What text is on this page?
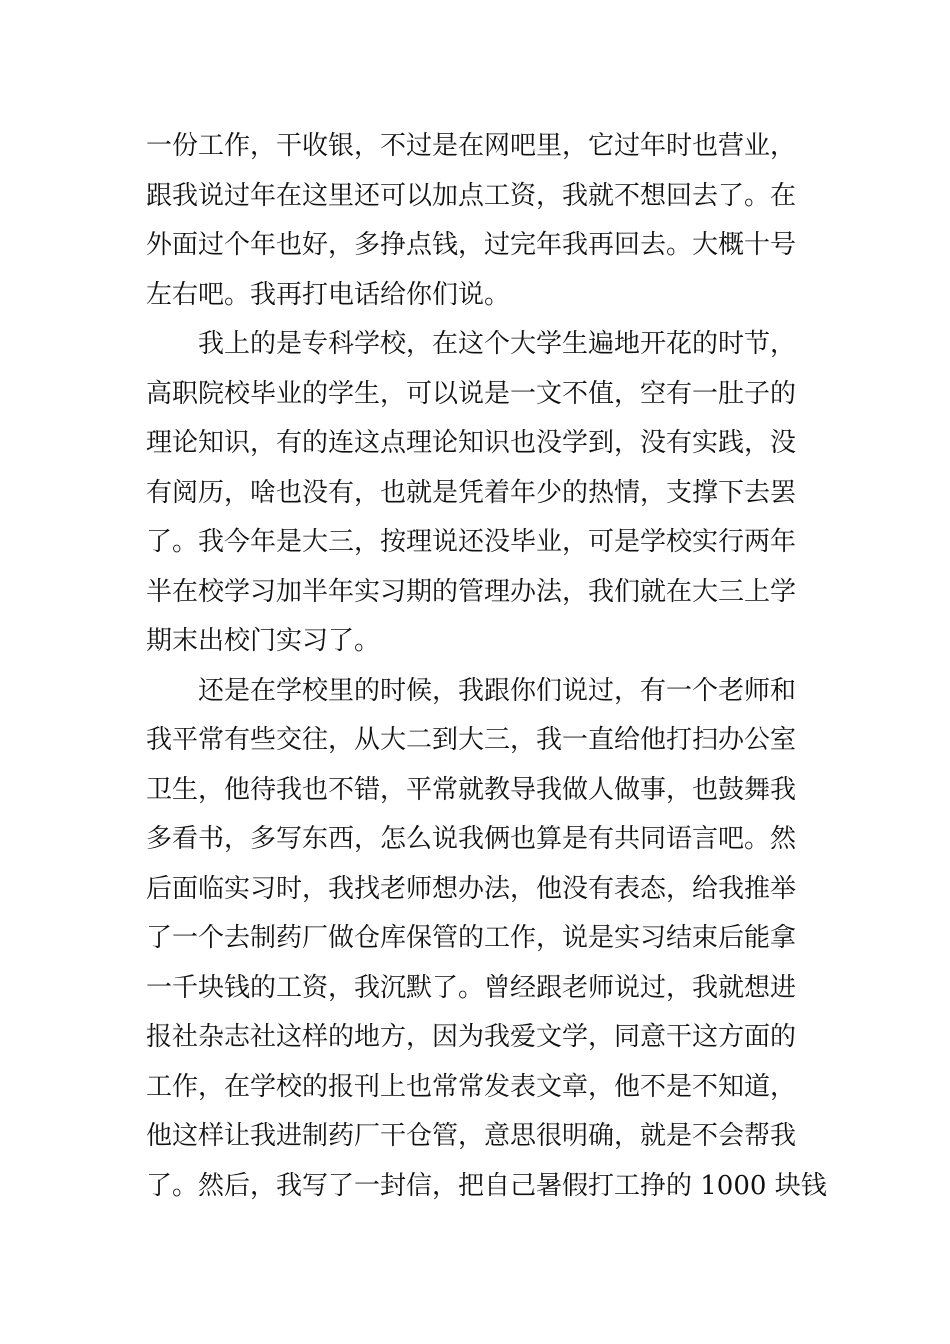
一份工作，干收银，不过是在网吧里，它过年时也营业，
跟我说过年在这里还可以加点工资，我就不想回去了。在
外面过个年也好，多挣点钱，过完年我再回去。大概十号
左右吧。我再打电话给你们说。
我上的是专科学校，在这个大学生遍地开花的时节，
高职院校毕业的学生，可以说是一文不值，空有一肚子的
理论知识，有的连这点理论知识也没学到，没有实践，没
有阅历，啥也没有，也就是凭着年少的热情，支撑下去罢
了。我今年是大三，按理说还没毕业，可是学校实行两年
半在校学习加半年实习期的管理办法，我们就在大三上学
期末出校门实习了。
还是在学校里的时候，我跟你们说过，有一个老师和
我平常有些交往，从大二到大三，我一直给他打扫办公室
卫生，他待我也不错，平常就教导我做人做事，也鼓舞我
多看书，多写东西，怎么说我俩也算是有共同语言吧。然
后面临实习时，我找老师想办法，他没有表态，给我推举
了一个去制药厂做仓库保管的工作，说是实习结束后能拿
一千块钱的工资，我沉默了。曾经跟老师说过，我就想进
报社杂志社这样的地方，因为我爱文学，同意干这方面的
工作，在学校的报刊上也常常发表文章，他不是不知道，
他这样让我进制药厂干仓管，意思很明确，就是不会帮我
了。然后，我写了一封信，把自己暑假打工挣的 1000 块钱
